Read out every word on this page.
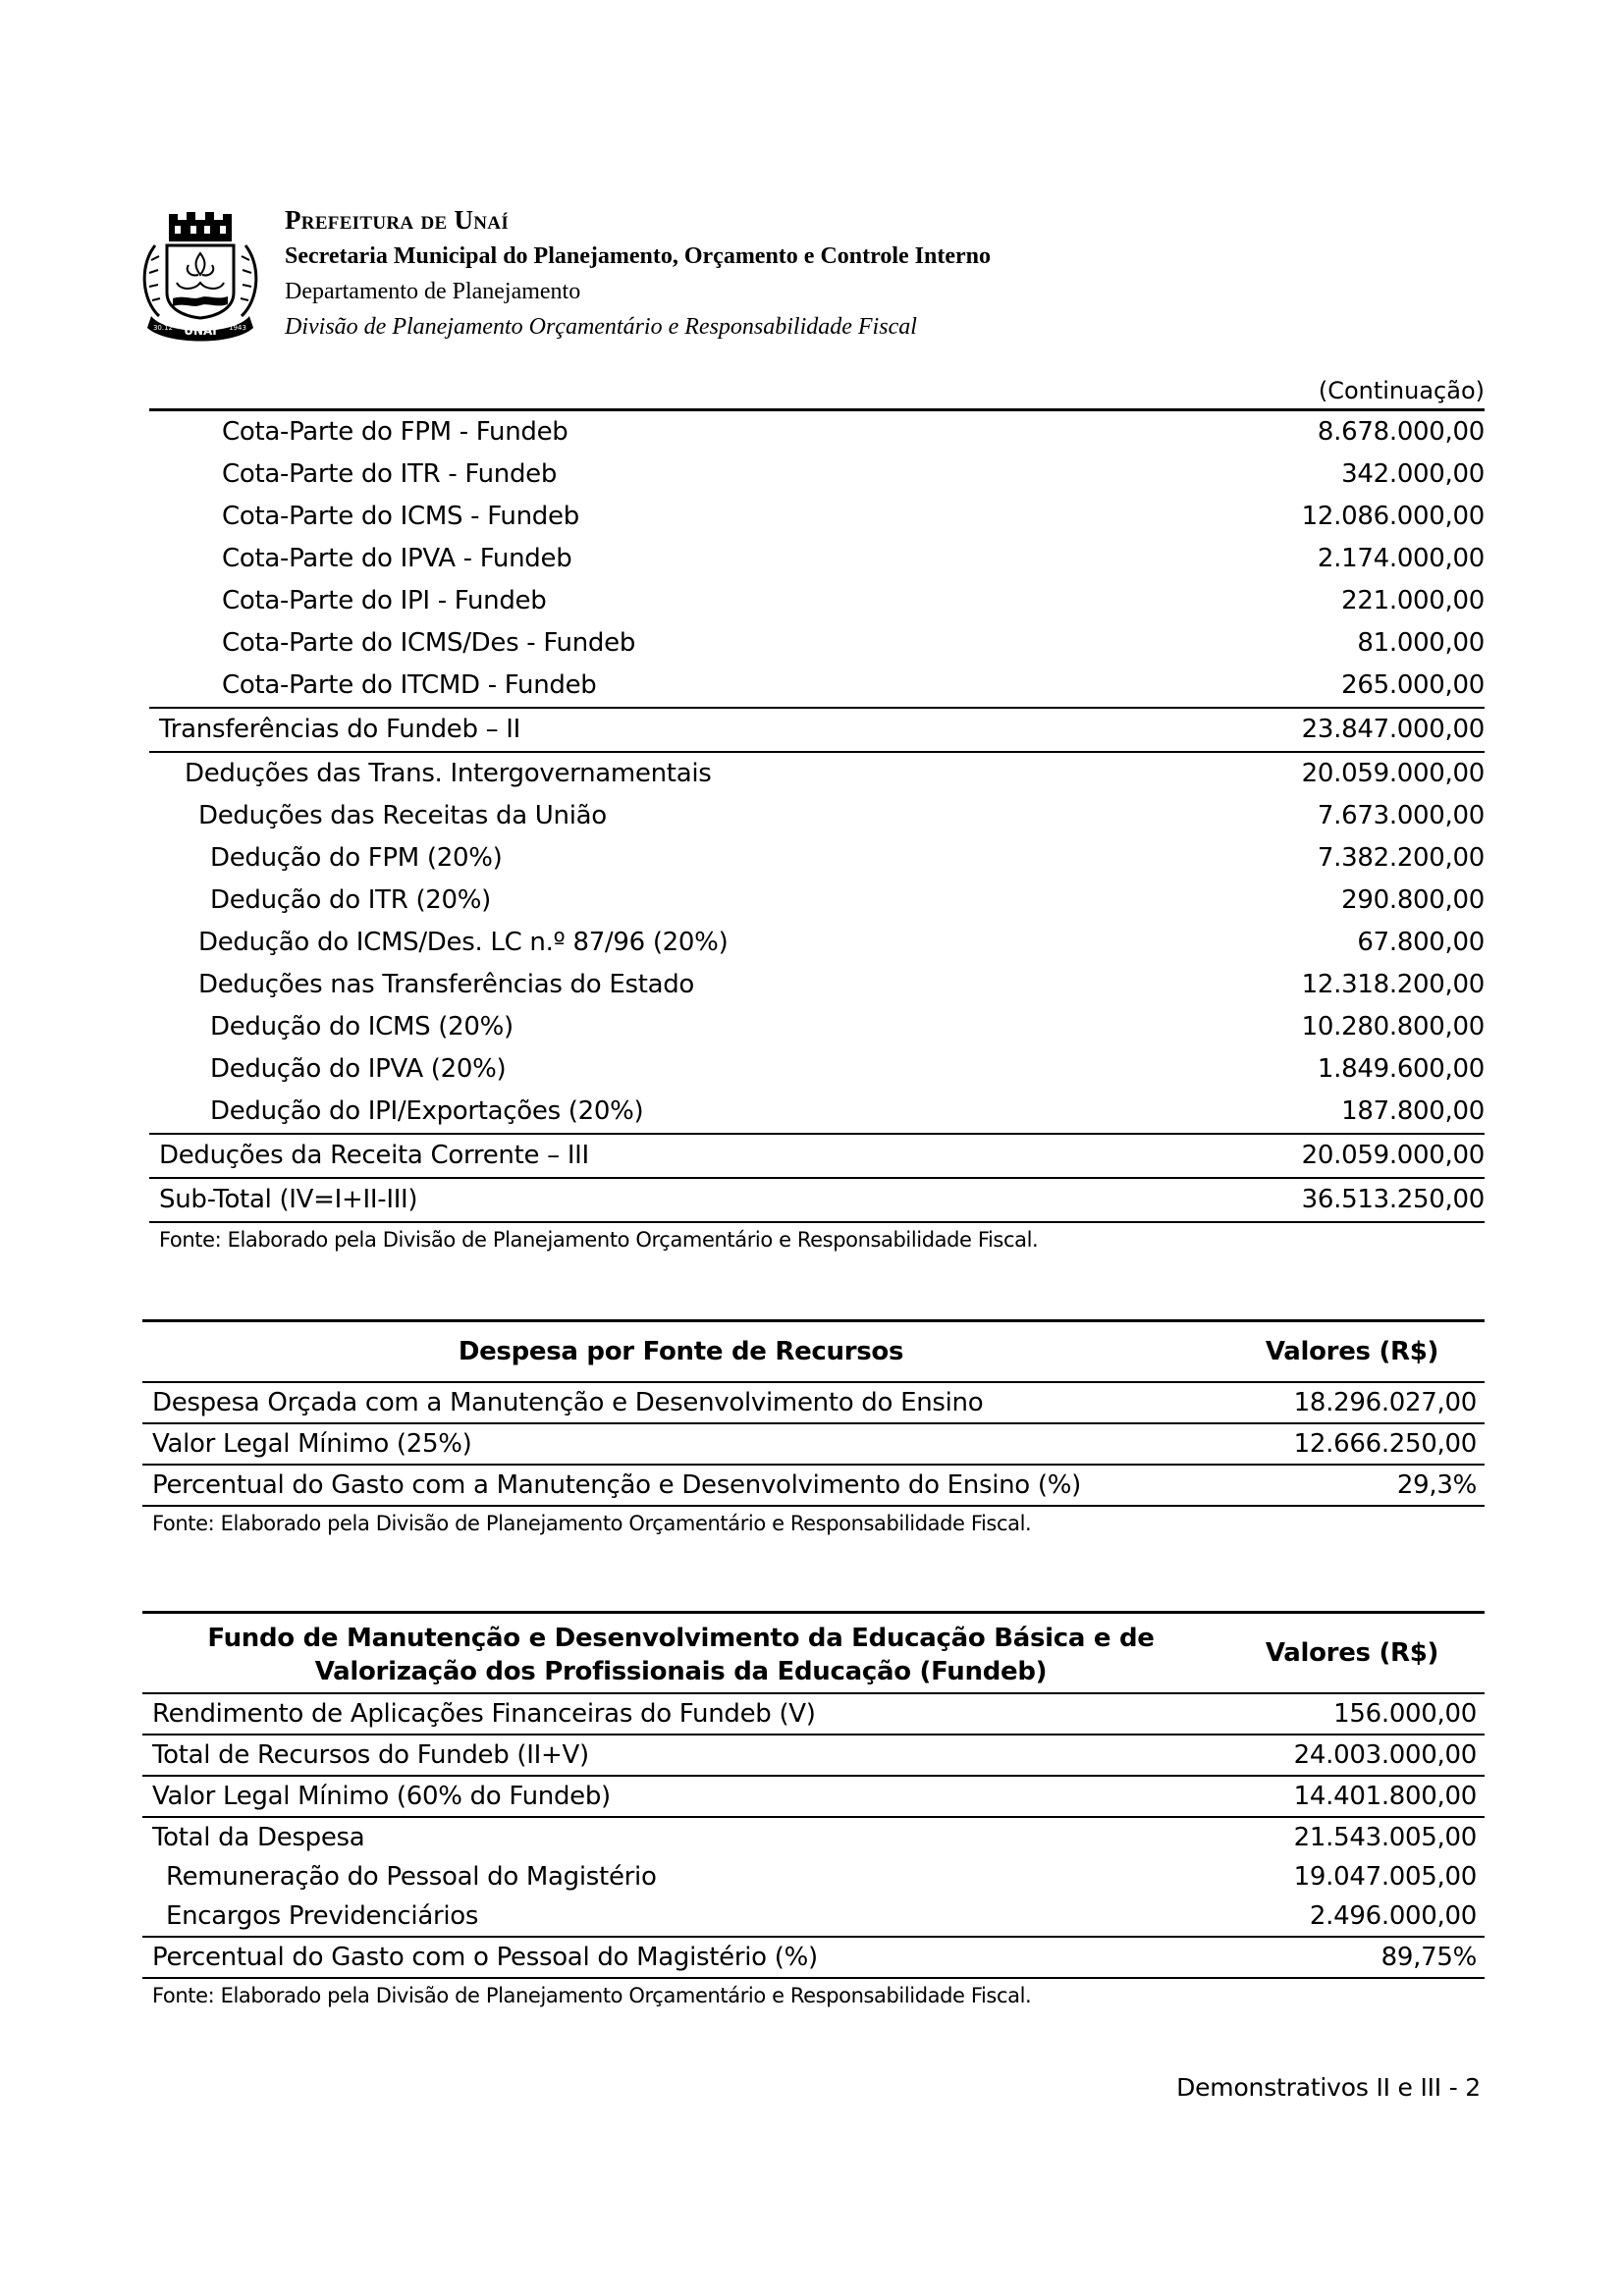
UNAÍ
30.12	1943
Prefeitura de Unaí
Secretaria Municipal do Planejamento, Orçamento e Controle Interno
Departamento de Planejamento
Divisão de Planejamento Orçamentário e Responsabilidade Fiscal
(Continuação)
Cota-Parte do FPM - Fundeb	8.678.000,00
Cota-Parte do ITR - Fundeb	342.000,00
Cota-Parte do ICMS - Fundeb	12.086.000,00
Cota-Parte do IPVA - Fundeb	2.174.000,00
Cota-Parte do IPI - Fundeb	221.000,00
Cota-Parte do ICMS/Des - Fundeb	81.000,00
Cota-Parte do ITCMD - Fundeb	265.000,00
Transferências do Fundeb – II	23.847.000,00
Deduções das Trans. Intergovernamentais	20.059.000,00
Deduções das Receitas da União	7.673.000,00
Dedução do FPM (20%)	7.382.200,00
Dedução do ITR (20%)	290.800,00
Dedução do ICMS/Des. LC n.º 87/96 (20%)	67.800,00
Deduções nas Transferências do Estado	12.318.200,00
Dedução do ICMS (20%)	10.280.800,00
Dedução do IPVA (20%)	1.849.600,00
Dedução do IPI/Exportações (20%)	187.800,00
Deduções da Receita Corrente – III	20.059.000,00
Sub-Total (IV=I+II-III)	36.513.250,00
Fonte: Elaborado pela Divisão de Planejamento Orçamentário e Responsabilidade Fiscal.
Despesa por Fonte de Recursos	Valores (R$)
Despesa Orçada com a Manutenção e Desenvolvimento do Ensino	18.296.027,00
Valor Legal Mínimo (25%)	12.666.250,00
Percentual do Gasto com a Manutenção e Desenvolvimento do Ensino (%)	29,3%
Fonte: Elaborado pela Divisão de Planejamento Orçamentário e Responsabilidade Fiscal.
Fundo de Manutenção e Desenvolvimento da Educação Básica e de
Valorização dos Profissionais da Educação (Fundeb)
Valores (R$)
Rendimento de Aplicações Financeiras do Fundeb (V)	156.000,00
Total de Recursos do Fundeb (II+V)	24.003.000,00
Valor Legal Mínimo (60% do Fundeb)	14.401.800,00
Total da Despesa	21.543.005,00
Remuneração do Pessoal do Magistério	19.047.005,00
Encargos Previdenciários	2.496.000,00
Percentual do Gasto com o Pessoal do Magistério (%)	89,75%
Fonte: Elaborado pela Divisão de Planejamento Orçamentário e Responsabilidade Fiscal.
Demonstrativos II e III - 2
